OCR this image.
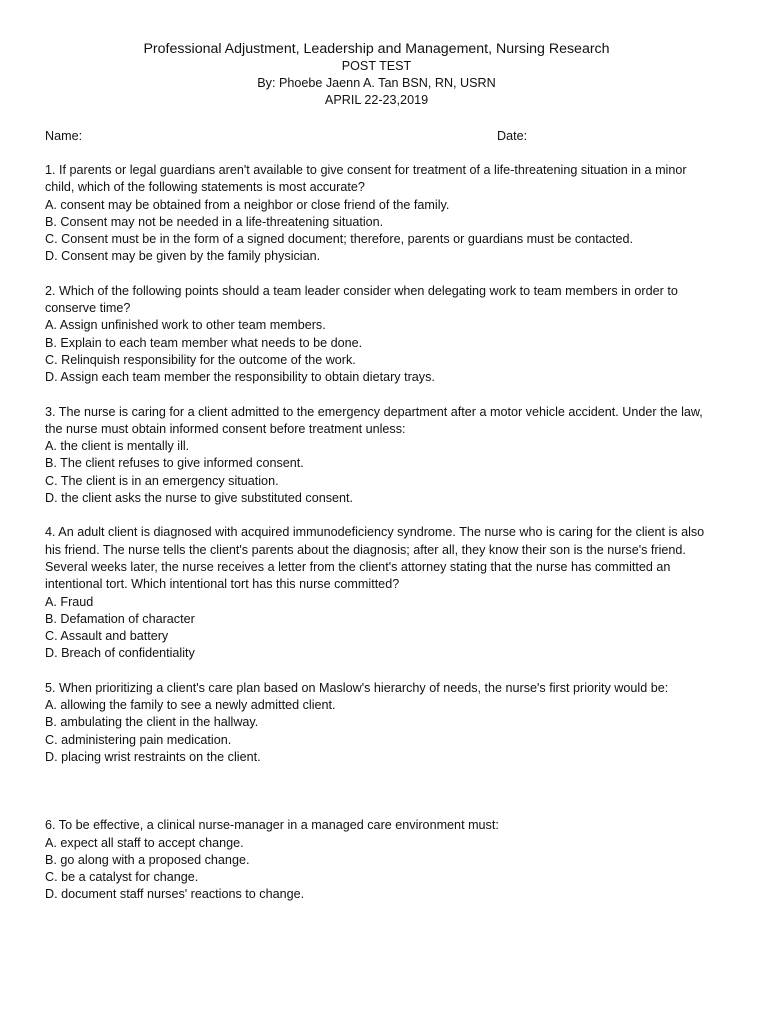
Professional Adjustment, Leadership and Management, Nursing Research
POST TEST
By: Phoebe Jaenn A. Tan BSN, RN, USRN
APRIL 22-23,2019
Name:	Date:
1. If parents or legal guardians aren't available to give consent for treatment of a life-threatening situation in a minor child, which of the following statements is most accurate?
A. consent may be obtained from a neighbor or close friend of the family.
B. Consent may not be needed in a life-threatening situation.
C. Consent must be in the form of a signed document; therefore, parents or guardians must be contacted.
D. Consent may be given by the family physician.
2. Which of the following points should a team leader consider when delegating work to team members in order to conserve time?
A. Assign unfinished work to other team members.
B. Explain to each team member what needs to be done.
C. Relinquish responsibility for the outcome of the work.
D. Assign each team member the responsibility to obtain dietary trays.
3. The nurse is caring for a client admitted to the emergency department after a motor vehicle accident. Under the law, the nurse must obtain informed consent before treatment unless:
A. the client is mentally ill.
B. The client refuses to give informed consent.
C. The client is in an emergency situation.
D. the client asks the nurse to give substituted consent.
4. An adult client is diagnosed with acquired immunodeficiency syndrome. The nurse who is caring for the client is also his friend. The nurse tells the client's parents about the diagnosis; after all, they know their son is the nurse's friend. Several weeks later, the nurse receives a letter from the client's attorney stating that the nurse has committed an intentional tort. Which intentional tort has this nurse committed?
A. Fraud
B. Defamation of character
C. Assault and battery
D. Breach of confidentiality
5. When prioritizing a client's care plan based on Maslow's hierarchy of needs, the nurse's first priority would be:
A. allowing the family to see a newly admitted client.
B. ambulating the client in the hallway.
C. administering pain medication.
D. placing wrist restraints on the client.
6. To be effective, a clinical nurse-manager in a managed care environment must:
A. expect all staff to accept change.
B. go along with a proposed change.
C. be a catalyst for change.
D. document staff nurses' reactions to change.
